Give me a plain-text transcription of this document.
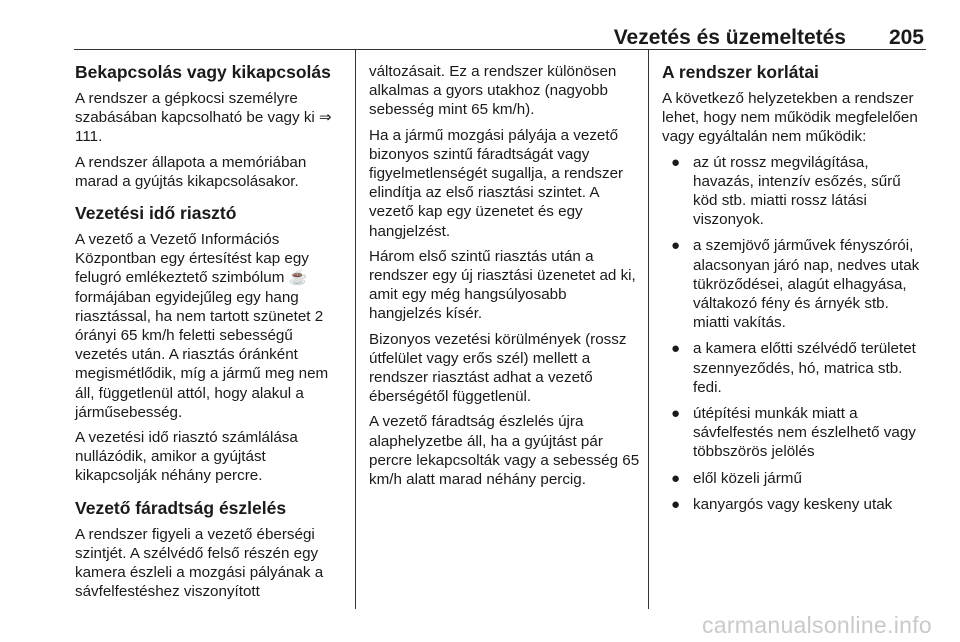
Vezetés és üzemeltetés 205
Bekapcsolás vagy kikapcsolás

A rendszer a gépkocsi személyre szabásában kapcsolható be vagy ki ⇒ 111.

A rendszer állapota a memóriában marad a gyújtás kikapcsolásakor.

Vezetési idő riasztó

A vezető a Vezető Információs Központban egy értesítést kap egy felugró emlékeztető szimbólum ☕ formájában egyidejűleg egy hang riasztással, ha nem tartott szünetet 2 órányi 65 km/h feletti sebességű vezetés után. A riasztás óránként megismétlődik, míg a jármű meg nem áll, függetlenül attól, hogy alakul a járműsebesség.

A vezetési idő riasztó számlálása nullázódik, amikor a gyújtást kikapcsolják néhány percre.

Vezető fáradtság észlelés

A rendszer figyeli a vezető éberségi szintjét. A szélvédő felső részén egy kamera észleli a mozgási pályának a sávfelfestéshez viszonyított

változásait. Ez a rendszer különösen alkalmas a gyors utakhoz (nagyobb sebesség mint 65 km/h).

Ha a jármű mozgási pályája a vezető bizonyos szintű fáradtságát vagy figyelmetlenségét sugallja, a rendszer elindítja az első riasztási szintet. A vezető kap egy üzenetet és egy hangjelzést.

Három első szintű riasztás után a rendszer egy új riasztási üzenetet ad ki, amit egy még hangsúlyosabb hangjelzés kísér.

Bizonyos vezetési körülmények (rossz útfelület vagy erős szél) mellett a rendszer riasztást adhat a vezető éberségétől függetlenül.

A vezető fáradtság észlelés újra alaphelyzetbe áll, ha a gyújtást pár percre lekapcsolták vagy a sebesség 65 km/h alatt marad néhány percig.

A rendszer korlátai

A következő helyzetekben a rendszer lehet, hogy nem működik megfelelően vagy egyáltalán nem működik:

● az út rossz megvilágítása, havazás, intenzív esőzés, sűrű köd stb. miatti rossz látási viszonyok.
● a szemjövő járművek fényszórói, alacsonyan járó nap, nedves utak tükröződései, alagút elhagyása, váltakozó fény és árnyék stb. miatti vakítás.
● a kamera előtti szélvédő területet szennyeződés, hó, matrica stb. fedi.
● útépítési munkák miatt a sávfelfestés nem észlelhető vagy többszörös jelölés
● elől közeli jármű
● kanyargós vagy keskeny utak
carmanualsonline.info
